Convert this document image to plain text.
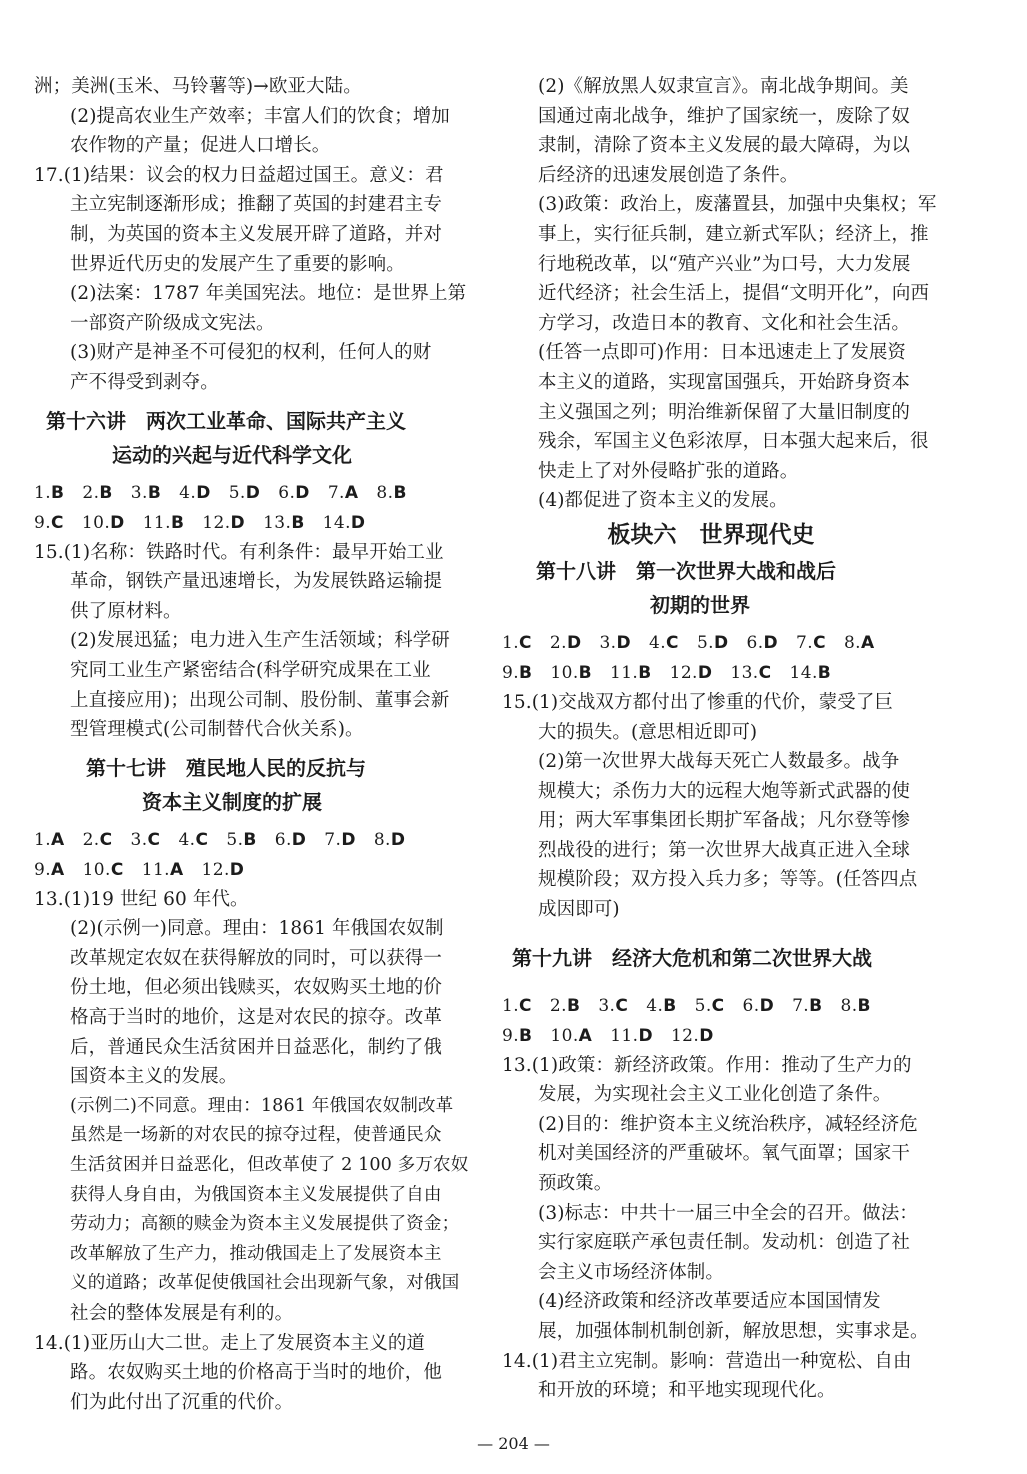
洲；美洲(玉米、马铃薯等)→欧亚大陆。
(2)提高农业生产效率；丰富人们的饮食；增加
农作物的产量；促进人口增长。
17.(1)结果：议会的权力日益超过国王。意义：君
主立宪制逐渐形成；推翻了英国的封建君主专
制，为英国的资本主义发展开辟了道路，并对
世界近代历史的发展产生了重要的影响。
(2)法案：1787 年美国宪法。地位：是世界上第
一部资产阶级成文宪法。
(3)财产是神圣不可侵犯的权利，任何人的财
产不得受到剥夺。
第十六讲　两次工业革命、国际共产主义
运动的兴起与近代科学文化
1.B 2.B 3.B 4.D 5.D 6.D 7.A 8.B
9.C 10.D 11.B 12.D 13.B 14.D
15.(1)名称：铁路时代。有利条件：最早开始工业
革命，钢铁产量迅速增长，为发展铁路运输提
供了原材料。
(2)发展迅猛；电力进入生产生活领域；科学研
究同工业生产紧密结合(科学研究成果在工业
上直接应用)；出现公司制、股份制、董事会新
型管理模式(公司制替代合伙关系)。
第十七讲　殖民地人民的反抗与
资本主义制度的扩展
1.A 2.C 3.C 4.C 5.B 6.D 7.D 8.D
9.A 10.C 11.A 12.D
13.(1)19 世纪 60 年代。
(2)(示例一)同意。理由：1861 年俄国农奴制
改革规定农奴在获得解放的同时，可以获得一
份土地，但必须出钱赎买，农奴购买土地的价
格高于当时的地价，这是对农民的掠夺。改革
后，普通民众生活贫困并日益恶化，制约了俄
国资本主义的发展。
(示例二)不同意。理由：1861 年俄国农奴制改革
虽然是一场新的对农民的掠夺过程，使普通民众
生活贫困并日益恶化，但改革使了 2 100 多万农奴
获得人身自由，为俄国资本主义发展提供了自由
劳动力；高额的赎金为资本主义发展提供了资金；
改革解放了生产力，推动俄国走上了发展资本主
义的道路；改革促使俄国社会出现新气象，对俄国
社会的整体发展是有利的。
14.(1)亚历山大二世。走上了发展资本主义的道
路。农奴购买土地的价格高于当时的地价，他
们为此付出了沉重的代价。
(2)《解放黑人奴隶宣言》。南北战争期间。美
国通过南北战争，维护了国家统一，废除了奴
隶制，清除了资本主义发展的最大障碍，为以
后经济的迅速发展创造了条件。
(3)政策：政治上，废藩置县，加强中央集权；军
事上，实行征兵制，建立新式军队；经济上，推
行地税改革，以“殖产兴业”为口号，大力发展
近代经济；社会生活上，提倡“文明开化”，向西
方学习，改造日本的教育、文化和社会生活。
(任答一点即可)作用：日本迅速走上了发展资
本主义的道路，实现富国强兵，开始跻身资本
主义强国之列；明治维新保留了大量旧制度的
残余，军国主义色彩浓厚，日本强大起来后，很
快走上了对外侵略扩张的道路。
(4)都促进了资本主义的发展。
板块六　世界现代史
第十八讲　第一次世界大战和战后
初期的世界
1.C 2.D 3.D 4.C 5.D 6.D 7.C 8.A
9.B 10.B 11.B 12.D 13.C 14.B
15.(1)交战双方都付出了惨重的代价，蒙受了巨
大的损失。(意思相近即可)
(2)第一次世界大战每天死亡人数最多。战争
规模大；杀伤力大的远程大炮等新式武器的使
用；两大军事集团长期扩军备战；凡尔登等惨
烈战役的进行；第一次世界大战真正进入全球
规模阶段；双方投入兵力多；等等。(任答四点
成因即可)
第十九讲　经济大危机和第二次世界大战
1.C 2.B 3.C 4.B 5.C 6.D 7.B 8.B
9.B 10.A 11.D 12.D
13.(1)政策：新经济政策。作用：推动了生产力的
发展，为实现社会主义工业化创造了条件。
(2)目的：维护资本主义统治秩序，减轻经济危
机对美国经济的严重破坏。氧气面罩；国家干
预政策。
(3)标志：中共十一届三中全会的召开。做法：
实行家庭联产承包责任制。发动机：创造了社
会主义市场经济体制。
(4)经济政策和经济改革要适应本国国情发
展，加强体制机制创新，解放思想，实事求是。
14.(1)君主立宪制。影响：营造出一种宽松、自由
和开放的环境；和平地实现现代化。
— 204 —
